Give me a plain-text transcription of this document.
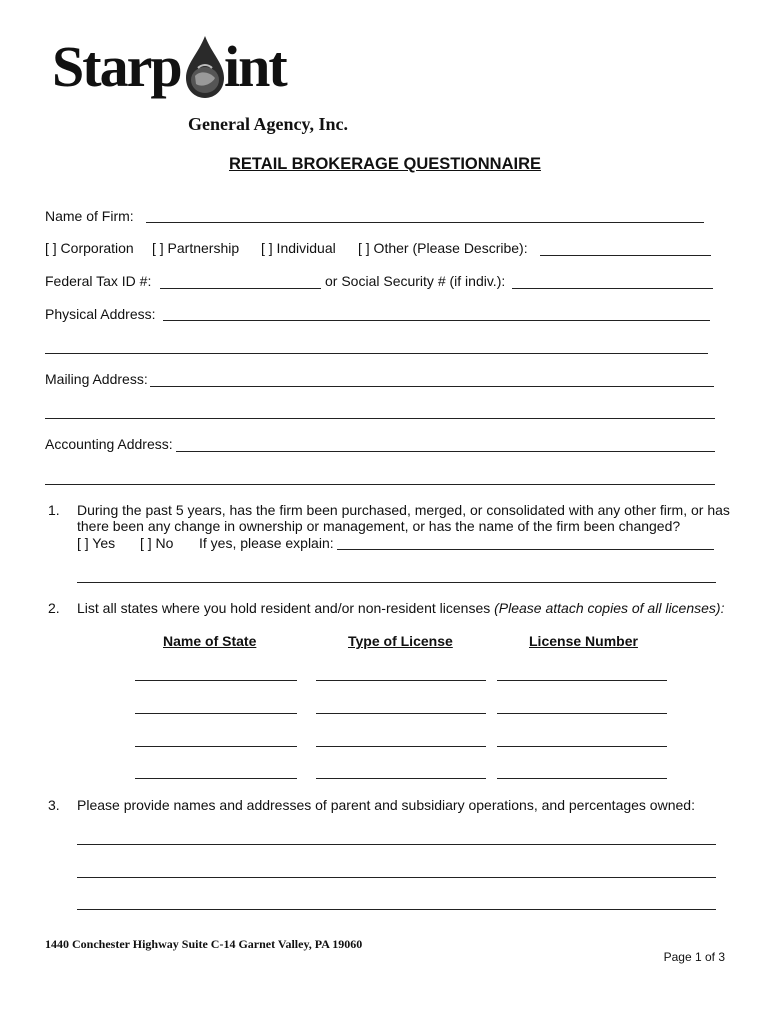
Starp int
General Agency, Inc.
RETAIL BROKERAGE QUESTIONNAIRE
Name of Firm:
[ ] Corporation [ ] Partnership [ ] Individual [ ] Other (Please Describe):
Federal Tax ID #:	or Social Security # (if indiv.):
Physical Address:
Mailing Address:
Accounting Address:
1. During the past 5 years, has the firm been purchased, merged, or consolidated with any other firm, or has
there been any change in ownership or management, or has the name of the firm been changed?
[ ] Yes [ ] No If yes, please explain:
2. List all states where you hold resident and/or non-resident licenses (Please attach copies of all licenses):
Name of State	Type of License	License Number
3. Please provide names and addresses of parent and subsidiary operations, and percentages owned:
1440 Conchester Highway Suite C-14 Garnet Valley, PA 19060
Page 1 of 3
